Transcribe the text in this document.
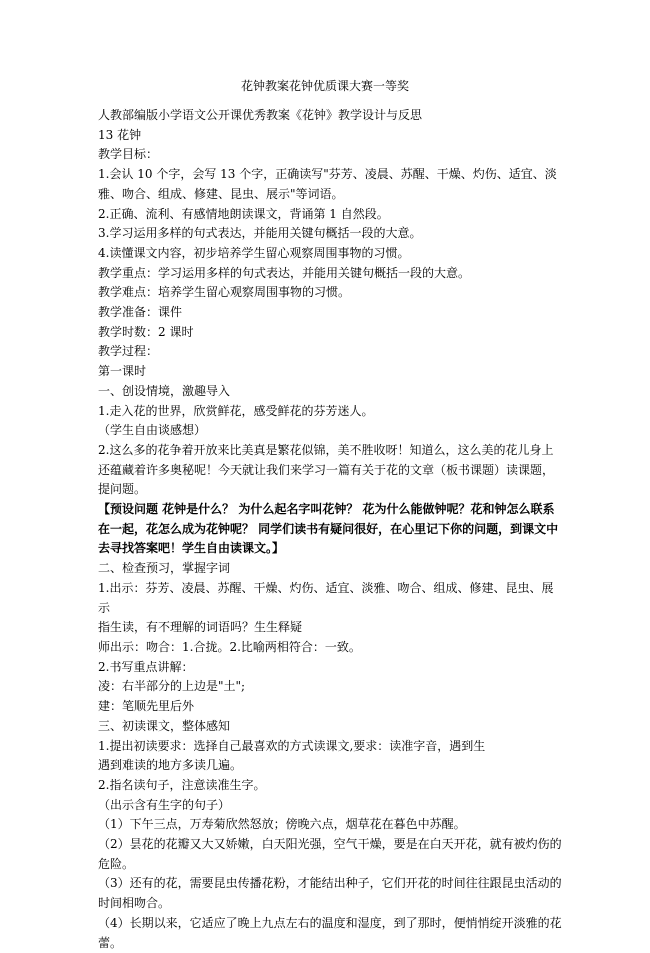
花钟教案花钟优质课大赛一等奖

人教部编版小学语文公开课优秀教案《花钟》教学设计与反思

13 花钟

教学目标：

1.会认 10 个字，会写 13 个字，正确读写"芬芳、凌晨、苏醒、干燥、灼伤、适宜、淡雅、吻合、组成、修建、昆虫、展示"等词语。

2.正确、流利、有感情地朗读课文，背诵第 1 自然段。

3.学习运用多样的句式表达，并能用关键句概括一段的大意。

4.读懂课文内容，初步培养学生留心观察周围事物的习惯。

教学重点：学习运用多样的句式表达，并能用关键句概括一段的大意。

教学难点：培养学生留心观察周围事物的习惯。

教学准备：课件

教学时数：2 课时

教学过程：

第一课时

一、创设情境，激趣导入

1.走入花的世界，欣赏鲜花，感受鲜花的芬芳迷人。

（学生自由谈感想）

2.这么多的花争着开放来比美真是繁花似锦，美不胜收呀！知道么，这么美的花儿身上还蕴藏着许多奥秘呢！今天就让我们来学习一篇有关于花的文章（板书课题）读课题，提问题。

【预设问题 花钟是什么？ 为什么起名字叫花钟？ 花为什么能做钟呢？花和钟怎么联系在一起，花怎么成为花钟呢？ 同学们读书有疑问很好，在心里记下你的问题，到课文中去寻找答案吧！学生自由读课文。】

二、检查预习，掌握字词

1.出示：芬芳、凌晨、苏醒、干燥、灼伤、适宜、淡雅、吻合、组成、修建、昆虫、展示

指生读，有不理解的词语吗？生生释疑

师出示：吻合：1.合拢。2.比喻两相符合：一致。

2.书写重点讲解：

凌：右半部分的上边是"土";

建：笔顺先里后外

三、初读课文，整体感知

1.提出初读要求：选择自己最喜欢的方式读课文,要求：读准字音，遇到生

遇到难读的地方多读几遍。

2.指名读句子，注意读准生字。

（出示含有生字的句子）

（1）下午三点，万寿菊欣然怒放；傍晚六点，烟草花在暮色中苏醒。

（2）昙花的花瓣又大又娇嫩，白天阳光强，空气干燥，要是在白天开花，就有被灼伤的危险。

（3）还有的花，需要昆虫传播花粉，才能结出种子，它们开花的时间往往跟昆虫活动的时间相吻合。

（4）长期以来，它适应了晚上九点左右的温度和湿度，到了那时，便悄悄绽开淡雅的花蕾。
